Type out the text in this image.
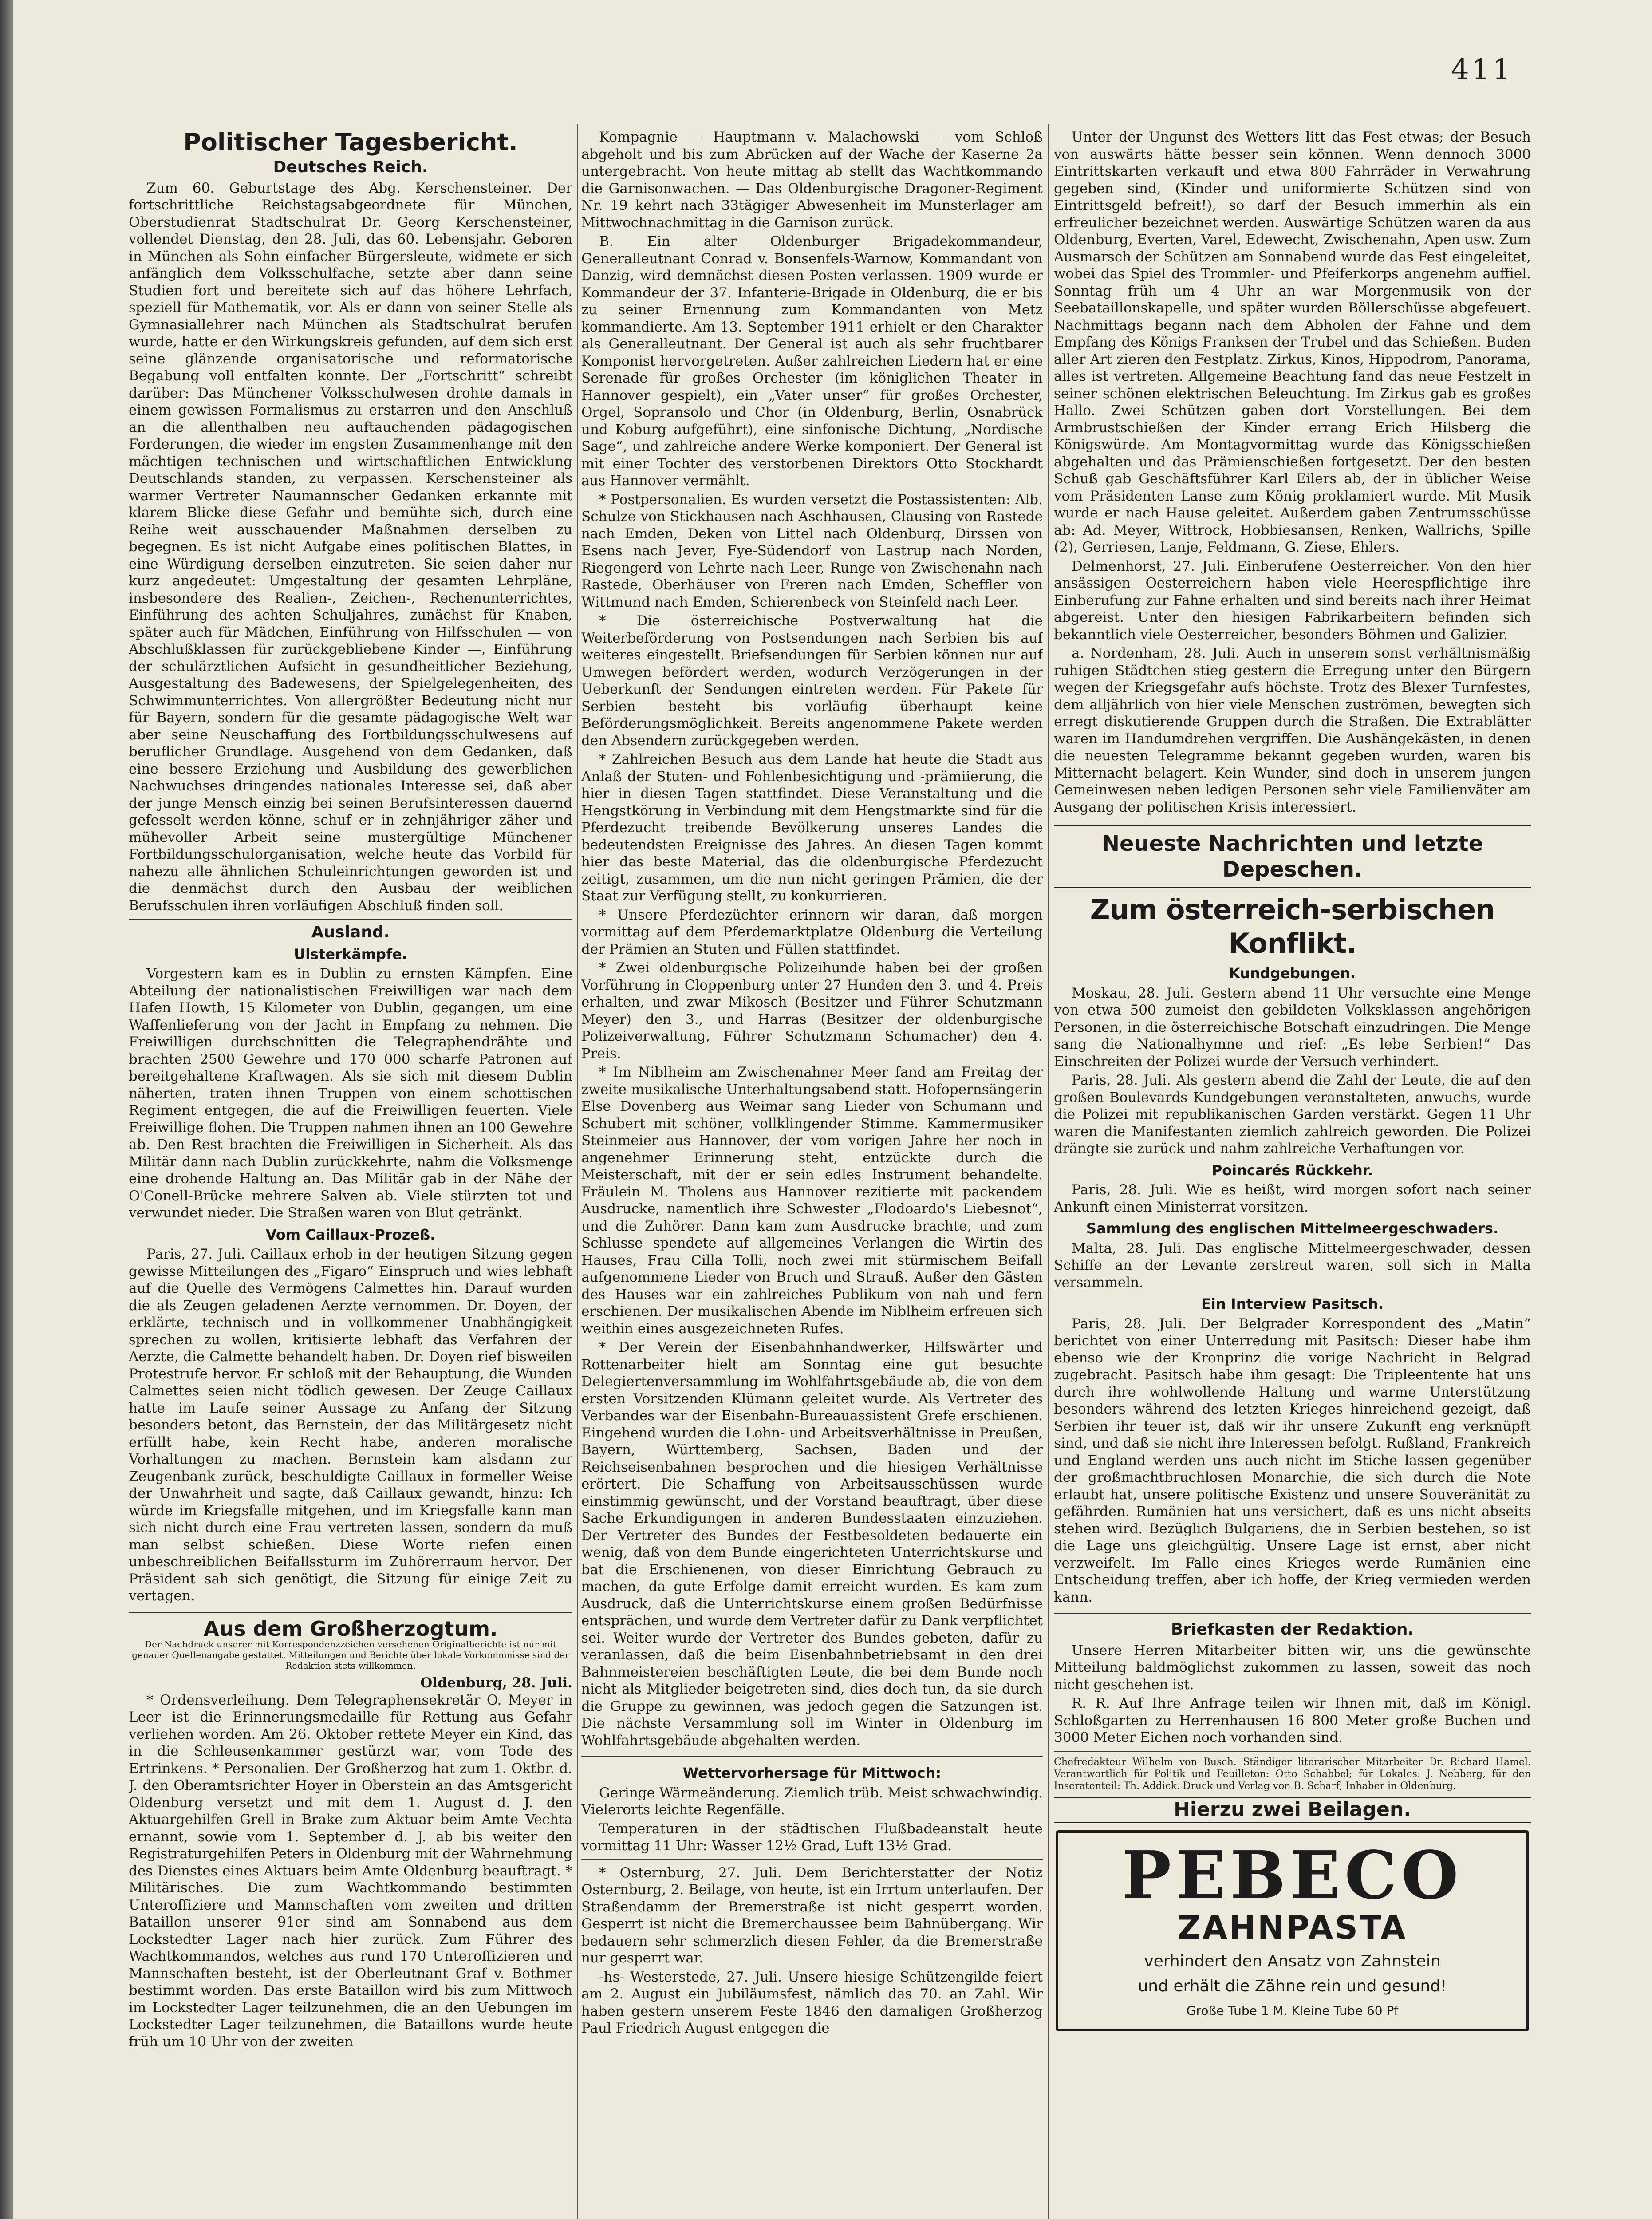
411
Politischer Tagesbericht.
Deutsches Reich.

Zum 60. Geburtstage des Abg. Kerschensteiner. Der fortschrittliche Reichstagsabgeordnete für München, Oberstudienrat Stadtschulrat Dr. Georg Kerschensteiner, vollendet Dienstag, den 28. Juli, das 60. Lebensjahr. Geboren in München als Sohn einfacher Bürgersleute, widmete er sich anfänglich dem Volksschulfache, setzte aber dann seine Studien fort und bereitete sich auf das höhere Lehrfach, speziell für Mathematik, vor. Als er dann von seiner Stelle als Gymnasiallehrer nach München als Stadtschulrat berufen wurde, hatte er den Wirkungskreis gefunden, auf dem sich erst seine glänzende organisatorische und reformatorische Begabung voll entfalten konnte. Der „Fortschritt“ schreibt darüber: Das Münchener Volksschulwesen drohte damals in einem gewissen Formalismus zu erstarren und den Anschluß an die allenthalben neu auftauchenden pädagogischen Forderungen, die wieder im engsten Zusammenhange mit den mächtigen technischen und wirtschaftlichen Entwicklung Deutschlands standen, zu verpassen. Kerschensteiner als warmer Vertreter Naumannscher Gedanken erkannte mit klarem Blicke diese Gefahr und bemühte sich, durch eine Reihe weit ausschauender Maßnahmen derselben zu begegnen. Es ist nicht Aufgabe eines politischen Blattes, in eine Würdigung derselben einzutreten. Sie seien daher nur kurz angedeutet: Umgestaltung der gesamten Lehrpläne, insbesondere des Realien-, Zeichen-, Rechenunterrichtes, Einführung des achten Schuljahres, zunächst für Knaben, später auch für Mädchen, Einführung von Hilfsschulen — von Abschlußklassen für zurückgebliebene Kinder —, Einführung der schulärztlichen Aufsicht in gesundheitlicher Beziehung, Ausgestaltung des Badewesens, der Spielgelegenheiten, des Schwimmunterrichtes. Von allergrößter Bedeutung nicht nur für Bayern, sondern für die gesamte pädagogische Welt war aber seine Neuschaffung des Fortbildungsschulwesens auf beruflicher Grundlage. Ausgehend von dem Gedanken, daß eine bessere Erziehung und Ausbildung des gewerblichen Nachwuchses dringendes nationales Interesse sei, daß aber der junge Mensch einzig bei seinen Berufsinteressen dauernd gefesselt werden könne, schuf er in zehnjähriger zäher und mühevoller Arbeit seine mustergültige Münchener Fortbildungsschulorganisation, welche heute das Vorbild für nahezu alle ähnlichen Schuleinrichtungen geworden ist und die denmächst durch den Ausbau der weiblichen Berufsschulen ihren vorläufigen Abschluß finden soll.

Ausland.
Ulsterkämpfe.

Vorgestern kam es in Dublin zu ernsten Kämpfen. Eine Abteilung der nationalistischen Freiwilligen war nach dem Hafen Howth, 15 Kilometer von Dublin, gegangen, um eine Waffenlieferung von der Jacht in Empfang zu nehmen. Die Freiwilligen durchschnitten die Telegraphendrähte und brachten 2500 Gewehre und 170 000 scharfe Patronen auf bereitgehaltene Kraftwagen. Als sie sich mit diesem Dublin näherten, traten ihnen Truppen von einem schottischen Regiment entgegen, die auf die Freiwilligen feuerten. Viele Freiwillige flohen. Die Truppen nahmen ihnen an 100 Gewehre ab. Den Rest brachten die Freiwilligen in Sicherheit. Als das Militär dann nach Dublin zurückkehrte, nahm die Volksmenge eine drohende Haltung an. Das Militär gab in der Nähe der O'Conell-Brücke mehrere Salven ab. Viele stürzten tot und verwundet nieder. Die Straßen waren von Blut getränkt.

Vom Caillaux-Prozeß.

Paris, 27. Juli. Caillaux erhob in der heutigen Sitzung gegen gewisse Mitteilungen des „Figaro“ Einspruch und wies lebhaft auf die Quelle des Vermögens Calmettes hin. Darauf wurden die als Zeugen geladenen Aerzte vernommen. Dr. Doyen, der erklärte, technisch und in vollkommener Unabhängigkeit sprechen zu wollen, kritisierte lebhaft das Verfahren der Aerzte, die Calmette behandelt haben. Dr. Doyen rief bisweilen Protestrufe hervor. Er schloß mit der Behauptung, die Wunden Calmettes seien nicht tödlich gewesen. Der Zeuge Caillaux hatte im Laufe seiner Aussage zu Anfang der Sitzung besonders betont, das Bernstein, der das Militärgesetz nicht erfüllt habe, kein Recht habe, anderen moralische Vorhaltungen zu machen. Bernstein kam alsdann zur Zeugenbank zurück, beschuldigte Caillaux in formeller Weise der Unwahrheit und sagte, daß Caillaux gewandt, hinzu: Ich würde im Kriegsfalle mitgehen, und im Kriegsfalle kann man sich nicht durch eine Frau vertreten lassen, sondern da muß man selbst schießen. Diese Worte riefen einen unbeschreiblichen Beifallssturm im Zuhörerraum hervor. Der Präsident sah sich genötigt, die Sitzung für einige Zeit zu vertagen.

Aus dem Großherzogtum.
Der Nachdruck unserer mit Korrespondenzzeichen versehenen Originalberichte ist nur mit genauer Quellenangabe gestattet. Mitteilungen und Berichte über lokale Vorkommnisse sind der Redaktion stets willkommen.
Oldenburg, 28. Juli.

* Ordensverleihung. Dem Telegraphensekretär O. Meyer in Leer ist die Erinnerungsmedaille für Rettung aus Gefahr verliehen worden. Am 26. Oktober rettete Meyer ein Kind, das in die Schleusenkammer gestürzt war, vom Tode des Ertrinkens. * Personalien. Der Großherzog hat zum 1. Oktbr. d. J. den Oberamtsrichter Hoyer in Oberstein an das Amtsgericht Oldenburg versetzt und mit dem 1. August d. J. den Aktuargehilfen Grell in Brake zum Aktuar beim Amte Vechta ernannt, sowie vom 1. September d. J. ab bis weiter den Registraturgehilfen Peters in Oldenburg mit der Wahrnehmung des Dienstes eines Aktuars beim Amte Oldenburg beauftragt. * Militärisches. Die zum Wachtkommando bestimmten Unteroffiziere und Mannschaften vom zweiten und dritten Bataillon unserer 91er sind am Sonnabend aus dem Lockstedter Lager nach hier zurück. Zum Führer des Wachtkommandos, welches aus rund 170 Unteroffizieren und Mannschaften besteht, ist der Oberleutnant Graf v. Bothmer bestimmt worden. Das erste Bataillon wird bis zum Mittwoch im Lockstedter Lager teilzunehmen, die an den Uebungen im Lockstedter Lager teilzunehmen, die Bataillons wurde heute früh um 10 Uhr von der zweiten

Kompagnie — Hauptmann v. Malachowski — vom Schloß abgeholt und bis zum Abrücken auf der Wache der Kaserne 2a untergebracht. Von heute mittag ab stellt das Wachtkommando die Garnisonwachen. — Das Oldenburgische Dragoner-Regiment Nr. 19 kehrt nach 33tägiger Abwesenheit im Munsterlager am Mittwochnachmittag in die Garnison zurück.

B. Ein alter Oldenburger Brigadekommandeur, Generalleutnant Conrad v. Bonsenfels-Warnow, Kommandant von Danzig, wird demnächst diesen Posten verlassen. 1909 wurde er Kommandeur der 37. Infanterie-Brigade in Oldenburg, die er bis zu seiner Ernennung zum Kommandanten von Metz kommandierte. Am 13. September 1911 erhielt er den Charakter als Generalleutnant. Der General ist auch als sehr fruchtbarer Komponist hervorgetreten. Außer zahlreichen Liedern hat er eine Serenade für großes Orchester (im königlichen Theater in Hannover gespielt), ein „Vater unser“ für großes Orchester, Orgel, Sopransolo und Chor (in Oldenburg, Berlin, Osnabrück und Koburg aufgeführt), eine sinfonische Dichtung, „Nordische Sage“, und zahlreiche andere Werke komponiert. Der General ist mit einer Tochter des verstorbenen Direktors Otto Stockhardt aus Hannover vermählt.

* Postpersonalien. Es wurden versetzt die Postassistenten: Alb. Schulze von Stickhausen nach Aschhausen, Clausing von Rastede nach Emden, Deken von Littel nach Oldenburg, Dirssen von Esens nach Jever, Fye-Südendorf von Lastrup nach Norden, Riegengerd von Lehrte nach Leer, Runge von Zwischenahn nach Rastede, Oberhäuser von Freren nach Emden, Scheffler von Wittmund nach Emden, Schierenbeck von Steinfeld nach Leer.

* Die österreichische Postverwaltung hat die Weiterbeförderung von Postsendungen nach Serbien bis auf weiteres eingestellt. Briefsendungen für Serbien können nur auf Umwegen befördert werden, wodurch Verzögerungen in der Ueberkunft der Sendungen eintreten werden. Für Pakete für Serbien besteht bis vorläufig überhaupt keine Beförderungsmöglichkeit. Bereits angenommene Pakete werden den Absendern zurückgegeben werden.

* Zahlreichen Besuch aus dem Lande hat heute die Stadt aus Anlaß der Stuten- und Fohlenbesichtigung und -prämiierung, die hier in diesen Tagen stattfindet. Diese Veranstaltung und die Hengstkörung in Verbindung mit dem Hengstmarkte sind für die Pferdezucht treibende Bevölkerung unseres Landes die bedeutendsten Ereignisse des Jahres. An diesen Tagen kommt hier das beste Material, das die oldenburgische Pferdezucht zeitigt, zusammen, um die nun nicht geringen Prämien, die der Staat zur Verfügung stellt, zu konkurrieren.

* Unsere Pferdezüchter erinnern wir daran, daß morgen vormittag auf dem Pferdemarktplatze Oldenburg die Verteilung der Prämien an Stuten und Füllen stattfindet.

* Zwei oldenburgische Polizeihunde haben bei der großen Vorführung in Cloppenburg unter 27 Hunden den 3. und 4. Preis erhalten, und zwar Mikosch (Besitzer und Führer Schutzmann Meyer) den 3., und Harras (Besitzer der oldenburgische Polizeiverwaltung, Führer Schutzmann Schumacher) den 4. Preis.

* Im Niblheim am Zwischenahner Meer fand am Freitag der zweite musikalische Unterhaltungsabend statt. Hofopernsängerin Else Dovenberg aus Weimar sang Lieder von Schumann und Schubert mit schöner, vollklingender Stimme. Kammermusiker Steinmeier aus Hannover, der vom vorigen Jahre her noch in angenehmer Erinnerung steht, entzückte durch die Meisterschaft, mit der er sein edles Instrument behandelte. Fräulein M. Tholens aus Hannover rezitierte mit packendem Ausdrucke, namentlich ihre Schwester „Flodoardo's Liebesnot“, und die Zuhörer. Dann kam zum Ausdrucke brachte, und zum Schlusse spendete auf allgemeines Verlangen die Wirtin des Hauses, Frau Cilla Tolli, noch zwei mit stürmischem Beifall aufgenommene Lieder von Bruch und Strauß. Außer den Gästen des Hauses war ein zahlreiches Publikum von nah und fern erschienen. Der musikalischen Abende im Niblheim erfreuen sich weithin eines ausgezeichneten Rufes.

* Der Verein der Eisenbahnhandwerker, Hilfswärter und Rottenarbeiter hielt am Sonntag eine gut besuchte Delegiertenversammlung im Wohlfahrtsgebäude ab, die von dem ersten Vorsitzenden Klümann geleitet wurde. Als Vertreter des Verbandes war der Eisenbahn-Bureauassistent Grefe erschienen. Eingehend wurden die Lohn- und Arbeitsverhältnisse in Preußen, Bayern, Württemberg, Sachsen, Baden und der Reichseisenbahnen besprochen und die hiesigen Verhältnisse erörtert. Die Schaffung von Arbeitsausschüssen wurde einstimmig gewünscht, und der Vorstand beauftragt, über diese Sache Erkundigungen in anderen Bundesstaaten einzuziehen. Der Vertreter des Bundes der Festbesoldeten bedauerte ein wenig, daß von dem Bunde eingerichteten Unterrichtskurse und bat die Erschienenen, von dieser Einrichtung Gebrauch zu machen, da gute Erfolge damit erreicht wurden. Es kam zum Ausdruck, daß die Unterrichtskurse einem großen Bedürfnisse entsprächen, und wurde dem Vertreter dafür zu Dank verpflichtet sei. Weiter wurde der Vertreter des Bundes gebeten, dafür zu veranlassen, daß die beim Eisenbahnbetriebsamt in den drei Bahnmeistereien beschäftigten Leute, die bei dem Bunde noch nicht als Mitglieder beigetreten sind, dies doch tun, da sie durch die Gruppe zu gewinnen, was jedoch gegen die Satzungen ist. Die nächste Versammlung soll im Winter in Oldenburg im Wohlfahrtsgebäude abgehalten werden.

Wettervorhersage für Mittwoch:

Geringe Wärmeänderung. Ziemlich trüb. Meist schwachwindig. Vielerorts leichte Regenfälle.

Temperaturen in der städtischen Flußbadeanstalt heute vormittag 11 Uhr: Wasser 12½ Grad, Luft 13½ Grad.

* Osternburg, 27. Juli. Dem Berichterstatter der Notiz Osternburg, 2. Beilage, von heute, ist ein Irrtum unterlaufen. Der Straßendamm der Bremerstraße ist nicht gesperrt worden. Gesperrt ist nicht die Bremerchaussee beim Bahnübergang. Wir bedauern sehr schmerzlich diesen Fehler, da die Bremerstraße nur gesperrt war.

-hs- Westerstede, 27. Juli. Unsere hiesige Schützengilde feiert am 2. August ein Jubiläumsfest, nämlich das 70. an Zahl. Wir haben gestern unserem Feste 1846 den damaligen Großherzog Paul Friedrich August entgegen die

Unter der Ungunst des Wetters litt das Fest etwas; der Besuch von auswärts hätte besser sein können. Wenn dennoch 3000 Eintrittskarten verkauft und etwa 800 Fahrräder in Verwahrung gegeben sind, (Kinder und uniformierte Schützen sind von Eintrittsgeld befreit!), so darf der Besuch immerhin als ein erfreulicher bezeichnet werden. Auswärtige Schützen waren da aus Oldenburg, Everten, Varel, Edewecht, Zwischenahn, Apen usw. Zum Ausmarsch der Schützen am Sonnabend wurde das Fest eingeleitet, wobei das Spiel des Trommler- und Pfeiferkorps angenehm auffiel. Sonntag früh um 4 Uhr an war Morgenmusik von der Seebataillonskapelle, und später wurden Böllerschüsse abgefeuert. Nachmittags begann nach dem Abholen der Fahne und dem Empfang des Königs Franksen der Trubel und das Schießen. Buden aller Art zieren den Festplatz. Zirkus, Kinos, Hippodrom, Panorama, alles ist vertreten. Allgemeine Beachtung fand das neue Festzelt in seiner schönen elektrischen Beleuchtung. Im Zirkus gab es großes Hallo. Zwei Schützen gaben dort Vorstellungen. Bei dem Armbrustschießen der Kinder errang Erich Hilsberg die Königswürde. Am Montagvormittag wurde das Königsschießen abgehalten und das Prämienschießen fortgesetzt. Der den besten Schuß gab Geschäftsführer Karl Eilers ab, der in üblicher Weise vom Präsidenten Lanse zum König proklamiert wurde. Mit Musik wurde er nach Hause geleitet. Außerdem gaben Zentrumsschüsse ab: Ad. Meyer, Wittrock, Hobbiesansen, Renken, Wallrichs, Spille (2), Gerriesen, Lanje, Feldmann, G. Ziese, Ehlers.

Delmenhorst, 27. Juli. Einberufene Oesterreicher. Von den hier ansässigen Oesterreichern haben viele Heerespflichtige ihre Einberufung zur Fahne erhalten und sind bereits nach ihrer Heimat abgereist. Unter den hiesigen Fabrikarbeitern befinden sich bekanntlich viele Oesterreicher, besonders Böhmen und Galizier.

a. Nordenham, 28. Juli. Auch in unserem sonst verhältnismäßig ruhigen Städtchen stieg gestern die Erregung unter den Bürgern wegen der Kriegsgefahr aufs höchste. Trotz des Blexer Turnfestes, dem alljährlich von hier viele Menschen zuströmen, bewegten sich erregt diskutierende Gruppen durch die Straßen. Die Extrablätter waren im Handumdrehen vergriffen. Die Aushängekästen, in denen die neuesten Telegramme bekannt gegeben wurden, waren bis Mitternacht belagert. Kein Wunder, sind doch in unserem jungen Gemeinwesen neben ledigen Personen sehr viele Familienväter am Ausgang der politischen Krisis interessiert.

Neueste Nachrichten und letzte Depeschen.
Zum österreich-serbischen Konflikt.
Kundgebungen.

Moskau, 28. Juli. Gestern abend 11 Uhr versuchte eine Menge von etwa 500 zumeist den gebildeten Volksklassen angehörigen Personen, in die österreichische Botschaft einzudringen. Die Menge sang die Nationalhymne und rief: „Es lebe Serbien!“ Das Einschreiten der Polizei wurde der Versuch verhindert.

Paris, 28. Juli. Als gestern abend die Zahl der Leute, die auf den großen Boulevards Kundgebungen veranstalteten, anwuchs, wurde die Polizei mit republikanischen Garden verstärkt. Gegen 11 Uhr waren die Manifestanten ziemlich zahlreich geworden. Die Polizei drängte sie zurück und nahm zahlreiche Verhaftungen vor.

Poincarés Rückkehr.

Paris, 28. Juli. Wie es heißt, wird morgen sofort nach seiner Ankunft einen Ministerrat vorsitzen.

Sammlung des englischen Mittelmeergeschwaders.

Malta, 28. Juli. Das englische Mittelmeergeschwader, dessen Schiffe an der Levante zerstreut waren, soll sich in Malta versammeln.

Ein Interview Pasitsch.

Paris, 28. Juli. Der Belgrader Korrespondent des „Matin“ berichtet von einer Unterredung mit Pasitsch: Dieser habe ihm ebenso wie der Kronprinz die vorige Nachricht in Belgrad zugebracht. Pasitsch habe ihm gesagt: Die Tripleentente hat uns durch ihre wohlwollende Haltung und warme Unterstützung besonders während des letzten Krieges hinreichend gezeigt, daß Serbien ihr teuer ist, daß wir ihr unsere Zukunft eng verknüpft sind, und daß sie nicht ihre Interessen befolgt. Rußland, Frankreich und England werden uns auch nicht im Stiche lassen gegenüber der großmachtbruchlosen Monarchie, die sich durch die Note erlaubt hat, unsere politische Existenz und unsere Souveränität zu gefährden. Rumänien hat uns versichert, daß es uns nicht abseits stehen wird. Bezüglich Bulgariens, die in Serbien bestehen, so ist die Lage uns gleichgültig. Unsere Lage ist ernst, aber nicht verzweifelt. Im Falle eines Krieges werde Rumänien eine Entscheidung treffen, aber ich hoffe, der Krieg vermieden werden kann.

Briefkasten der Redaktion.

Unsere Herren Mitarbeiter bitten wir, uns die gewünschte Mitteilung baldmöglichst zukommen zu lassen, soweit das noch nicht geschehen ist.

R. R. Auf Ihre Anfrage teilen wir Ihnen mit, daß im Königl. Schloßgarten zu Herrenhausen 16 800 Meter große Buchen und 3000 Meter Eichen noch vorhanden sind.

Chefredakteur Wilhelm von Busch. Ständiger literarischer Mitarbeiter Dr. Richard Hamel. Verantwortlich für Politik und Feuilleton: Otto Schabbel; für Lokales: J. Nebberg, für den Inseratenteil: Th. Addick. Druck und Verlag von B. Scharf, Inhaber in Oldenburg.
Hierzu zwei Beilagen.
PEBECO
ZAHNPASTA
verhindert den Ansatz von Zahnstein
und erhält die Zähne rein und gesund!
Große Tube 1 M. Kleine Tube 60 Pf
